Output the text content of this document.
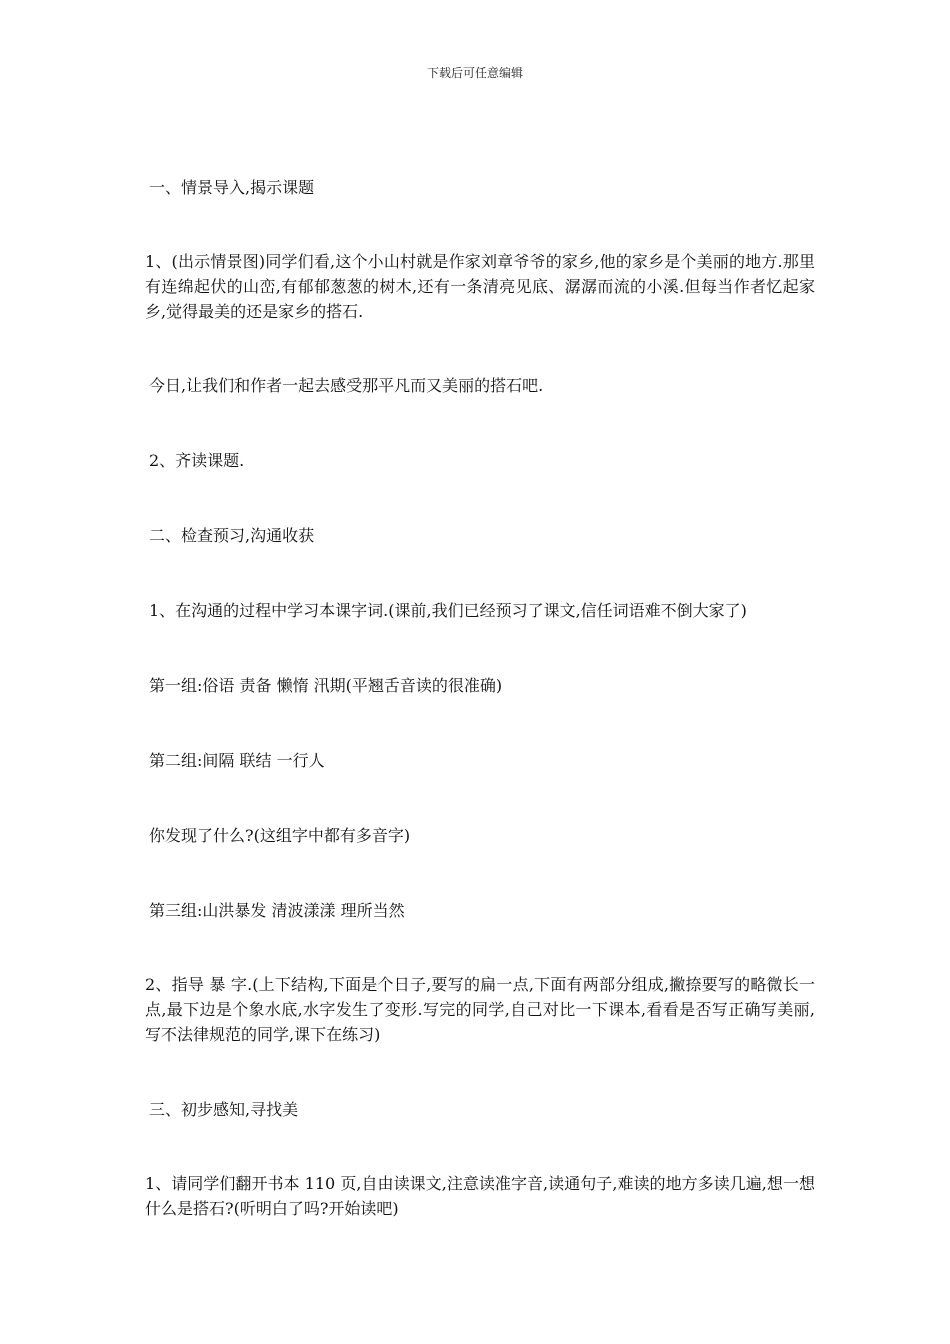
下载后可任意编辑

一、情景导入,揭示课题

1、(出示情景图)同学们看,这个小山村就是作家刘章爷爷的家乡,他的家乡是个美丽的地方.那里有连绵起伏的山峦,有郁郁葱葱的树木,还有一条清亮见底、潺潺而流的小溪.但每当作者忆起家乡,觉得最美的还是家乡的搭石.

今日,让我们和作者一起去感受那平凡而又美丽的搭石吧.

2、齐读课题.

二、检查预习,沟通收获

1、在沟通的过程中学习本课字词.(课前,我们已经预习了课文,信任词语难不倒大家了)

第一组:俗语 责备 懒惰 汛期(平翘舌音读的很准确)

第二组:间隔 联结 一行人

你发现了什么?(这组字中都有多音字)

第三组:山洪暴发 清波漾漾 理所当然

2、指导 暴 字.(上下结构,下面是个日子,要写的扁一点,下面有两部分组成,撇捺要写的略微长一点,最下边是个象水底,水字发生了变形.写完的同学,自己对比一下课本,看看是否写正确写美丽,写不法律规范的同学,课下在练习)

三、初步感知,寻找美

1、请同学们翻开书本 110 页,自由读课文,注意读准字音,读通句子,难读的地方多读几遍,想一想什么是搭石?(听明白了吗?开始读吧)
